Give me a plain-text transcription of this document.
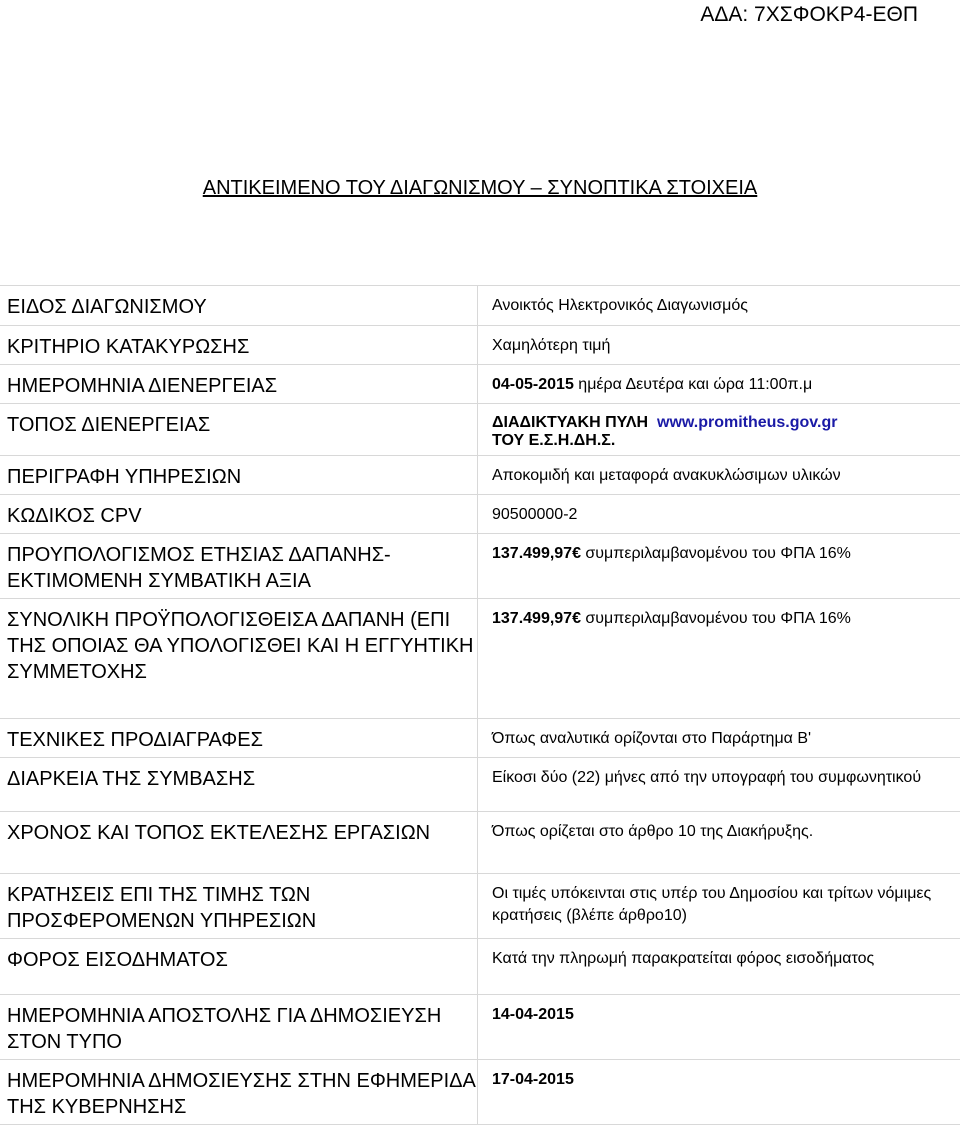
ΑΔΑ: 7ΧΣΦΟΚΡ4-ΕΘΠ
ΑΝΤΙΚΕΙΜΕΝΟ ΤΟΥ ΔΙΑΓΩΝΙΣΜΟΥ – ΣΥΝΟΠΤΙΚΑ ΣΤΟΙΧΕΙΑ
ΕΙΔΟΣ ΔΙΑΓΩΝΙΣΜΟΥ	Ανοικτός Ηλεκτρονικός Διαγωνισμός
ΚΡΙΤΗΡΙΟ ΚΑΤΑΚΥΡΩΣΗΣ	Χαμηλότερη τιμή
ΗΜΕΡΟΜΗΝΙΑ ΔΙΕΝΕΡΓΕΙΑΣ	04-05-2015 ημέρα Δευτέρα και ώρα 11:00π.μ
ΤΟΠΟΣ ΔΙΕΝΕΡΓΕΙΑΣ	ΔΙΑΔΙΚΤΥΑΚΗ ΠΥΛΗ www.promitheus.gov.gr
ΤΟΥ Ε.Σ.Η.ΔΗ.Σ.
ΠΕΡΙΓΡΑΦΗ ΥΠΗΡΕΣΙΩΝ	Αποκομιδή και μεταφορά ανακυκλώσιμων υλικών
ΚΩΔΙΚΟΣ CPV	90500000-2
ΠΡΟΥΠΟΛΟΓΙΣΜΟΣ ΕΤΗΣΙΑΣ ΔΑΠΑΝΗΣ-ΕΚΤΙΜΟΜΕΝΗ ΣΥΜΒΑΤΙΚΗ ΑΞΙΑ	137.499,97€ συμπεριλαμβανομένου του ΦΠΑ 16%
ΣΥΝΟΛΙΚΗ ΠΡΟΫΠΟΛΟΓΙΣΘΕΙΣΑ ΔΑΠΑΝΗ (ΕΠΙ ΤΗΣ ΟΠΟΙΑΣ ΘΑ ΥΠΟΛΟΓΙΣΘΕΙ ΚΑΙ Η ΕΓΓΥΗΤΙΚΗ ΣΥΜΜΕΤΟΧΗΣ	137.499,97€ συμπεριλαμβανομένου του ΦΠΑ 16%
ΤΕΧΝΙΚΕΣ ΠΡΟΔΙΑΓΡΑΦΕΣ	Όπως αναλυτικά ορίζονται στο Παράρτημα Β'
ΔΙΑΡΚΕΙΑ ΤΗΣ ΣΥΜΒΑΣΗΣ	Είκοσι δύο (22) μήνες από την υπογραφή του συμφωνητικού
ΧΡΟΝΟΣ ΚΑΙ ΤΟΠΟΣ ΕΚΤΕΛΕΣΗΣ ΕΡΓΑΣΙΩΝ	Όπως ορίζεται στο άρθρο 10 της Διακήρυξης.
ΚΡΑΤΗΣΕΙΣ ΕΠΙ ΤΗΣ ΤΙΜΗΣ ΤΩΝ ΠΡΟΣΦΕΡΟΜΕΝΩΝ ΥΠΗΡΕΣΙΩΝ	Οι τιμές υπόκεινται στις υπέρ του Δημοσίου και τρίτων νόμιμες κρατήσεις (βλέπε άρθρο10)
ΦΟΡΟΣ ΕΙΣΟΔΗΜΑΤΟΣ	Κατά την πληρωμή παρακρατείται φόρος εισοδήματος
ΗΜΕΡΟΜΗΝΙΑ ΑΠΟΣΤΟΛΗΣ ΓΙΑ ΔΗΜΟΣΙΕΥΣΗ ΣΤΟΝ ΤΥΠΟ	14-04-2015
ΗΜΕΡΟΜΗΝΙΑ ΔΗΜΟΣΙΕΥΣΗΣ ΣΤΗΝ ΕΦΗΜΕΡΙΔΑ ΤΗΣ ΚΥΒΕΡΝΗΣΗΣ	17-04-2015
